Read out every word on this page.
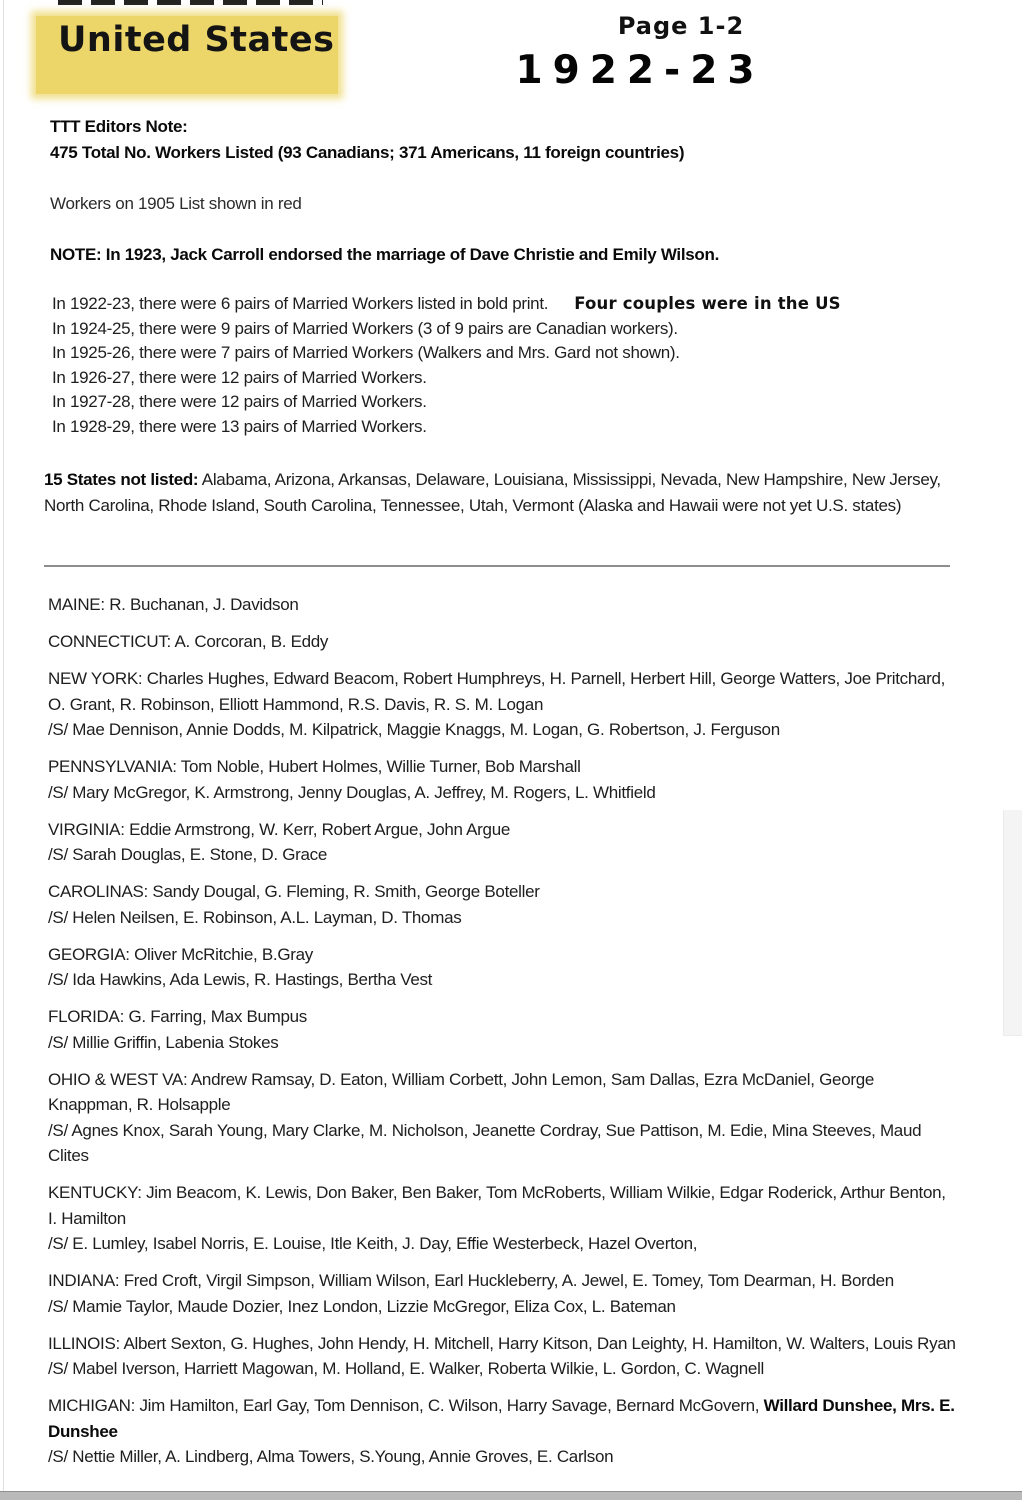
United States	Page 1-2
1922-23
TTT Editors Note:
475 Total No. Workers Listed (93 Canadians; 371 Americans, 11 foreign countries)
Workers on 1905 List shown in red
NOTE: In 1923, Jack Carroll endorsed the marriage of Dave Christie and Emily Wilson.
In 1922-23, there were 6 pairs of Married Workers listed in bold print. Four couples were in the US
In 1924-25, there were 9 pairs of Married Workers (3 of 9 pairs are Canadian workers).
In 1925-26, there were 7 pairs of Married Workers (Walkers and Mrs. Gard not shown).
In 1926-27, there were 12 pairs of Married Workers.
In 1927-28, there were 12 pairs of Married Workers.
In 1928-29, there were 13 pairs of Married Workers.
15 States not listed: Alabama, Arizona, Arkansas, Delaware, Louisiana, Mississippi, Nevada, New Hampshire, New Jersey, North Carolina, Rhode Island, South Carolina, Tennessee, Utah, Vermont (Alaska and Hawaii were not yet U.S. states)

MAINE: R. Buchanan, J. Davidson

CONNECTICUT: A. Corcoran, B. Eddy

NEW YORK: Charles Hughes, Edward Beacom, Robert Humphreys, H. Parnell, Herbert Hill, George Watters, Joe Pritchard, O. Grant, R. Robinson, Elliott Hammond, R.S. Davis, R. S. M. Logan
/S/ Mae Dennison, Annie Dodds, M. Kilpatrick, Maggie Knaggs, M. Logan, G. Robertson, J. Ferguson

PENNSYLVANIA: Tom Noble, Hubert Holmes, Willie Turner, Bob Marshall
/S/ Mary McGregor, K. Armstrong, Jenny Douglas, A. Jeffrey, M. Rogers, L. Whitfield

VIRGINIA: Eddie Armstrong, W. Kerr, Robert Argue, John Argue
/S/ Sarah Douglas, E. Stone, D. Grace

CAROLINAS: Sandy Dougal, G. Fleming, R. Smith, George Boteller
/S/ Helen Neilsen, E. Robinson, A.L. Layman, D. Thomas

GEORGIA: Oliver McRitchie, B.Gray
/S/ Ida Hawkins, Ada Lewis, R. Hastings, Bertha Vest

FLORIDA: G. Farring, Max Bumpus
/S/ Millie Griffin, Labenia Stokes

OHIO & WEST VA: Andrew Ramsay, D. Eaton, William Corbett, John Lemon, Sam Dallas, Ezra McDaniel, George Knappman, R. Holsapple
/S/ Agnes Knox, Sarah Young, Mary Clarke, M. Nicholson, Jeanette Cordray, Sue Pattison, M. Edie, Mina Steeves, Maud Clites

KENTUCKY: Jim Beacom, K. Lewis, Don Baker, Ben Baker, Tom McRoberts, William Wilkie, Edgar Roderick, Arthur Benton, I. Hamilton
/S/ E. Lumley, Isabel Norris, E. Louise, Itle Keith, J. Day, Effie Westerbeck, Hazel Overton,

INDIANA: Fred Croft, Virgil Simpson, William Wilson, Earl Huckleberry, A. Jewel, E. Tomey, Tom Dearman, H. Borden
/S/ Mamie Taylor, Maude Dozier, Inez London, Lizzie McGregor, Eliza Cox, L. Bateman

ILLINOIS: Albert Sexton, G. Hughes, John Hendy, H. Mitchell, Harry Kitson, Dan Leighty, H. Hamilton, W. Walters, Louis Ryan
/S/ Mabel Iverson, Harriett Magowan, M. Holland, E. Walker, Roberta Wilkie, L. Gordon, C. Wagnell

MICHIGAN: Jim Hamilton, Earl Gay, Tom Dennison, C. Wilson, Harry Savage, Bernard McGovern, Willard Dunshee, Mrs. E. Dunshee
/S/ Nettie Miller, A. Lindberg, Alma Towers, S.Young, Annie Groves, E. Carlson
